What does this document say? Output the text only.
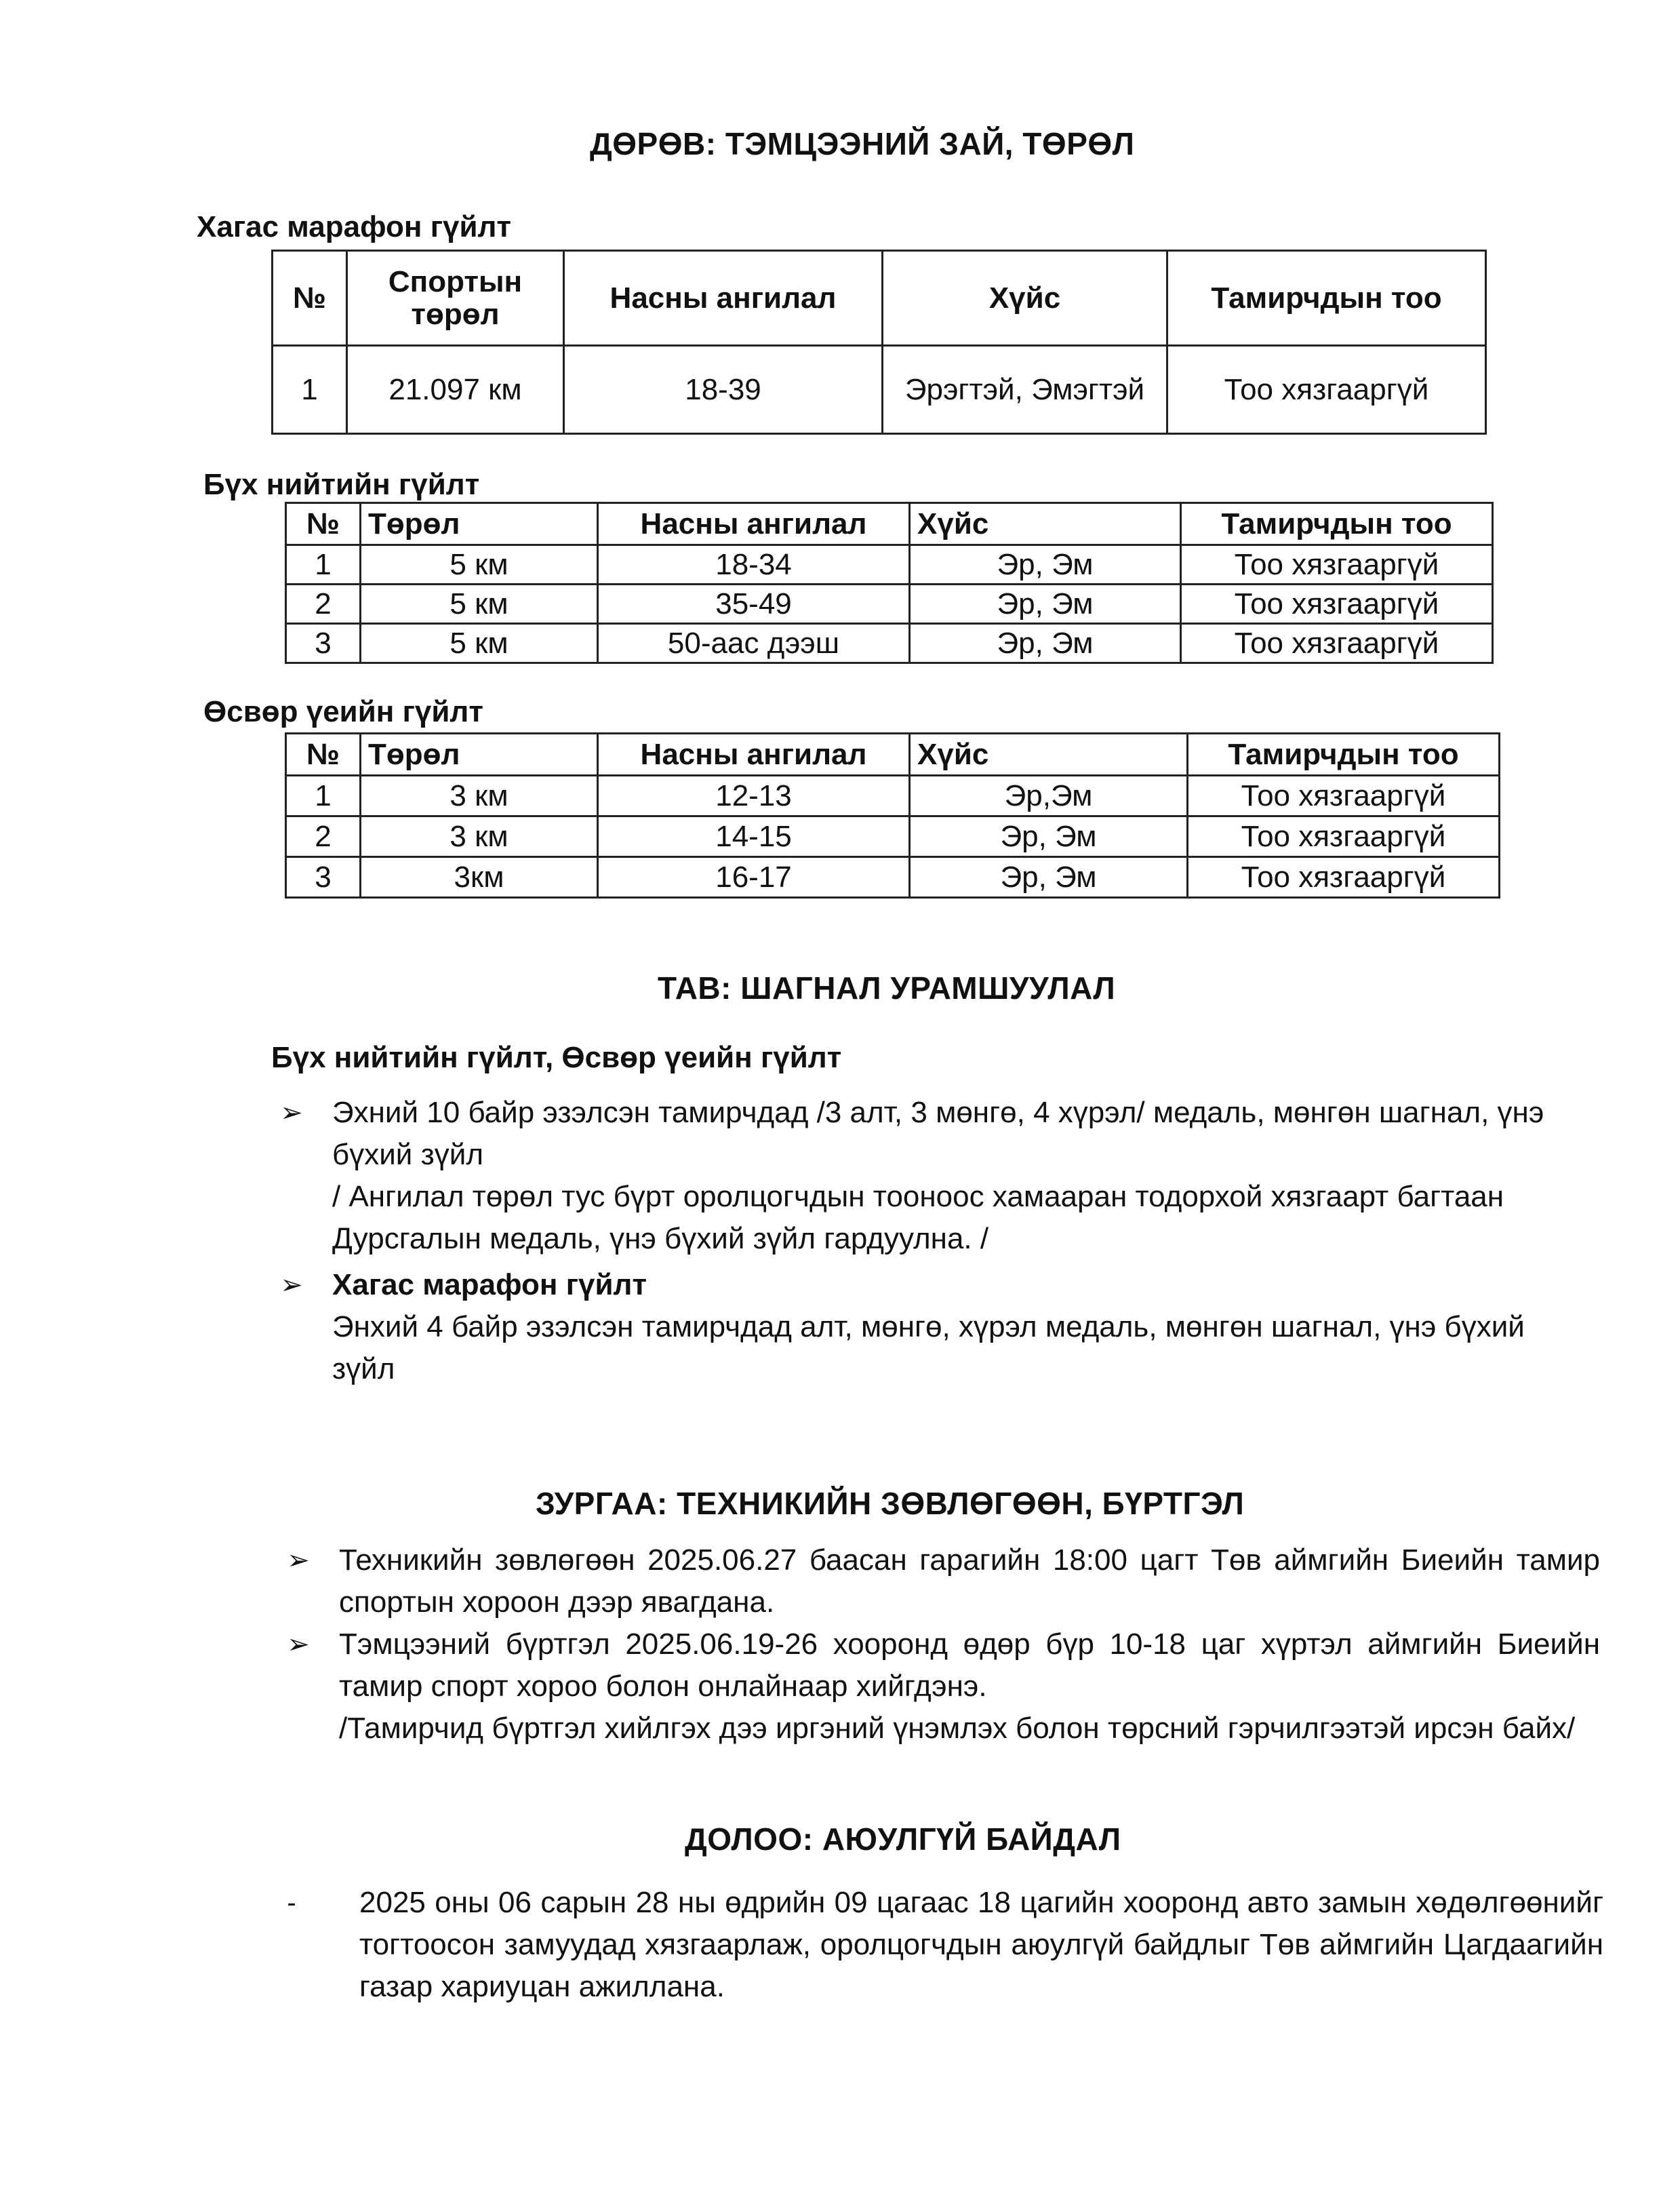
ДӨРӨВ: ТЭМЦЭЭНИЙ ЗАЙ, ТӨРӨЛ
Хагас марафон гүйлт
№	Спортын төрөл	Насны ангилал	Хүйс	Тамирчдын тоо
1	21.097 км	18-39	Эрэгтэй, Эмэгтэй	Тоо хязгааргүй
Бүх нийтийн гүйлт
№	Төрөл	Насны ангилал	Хүйс	Тамирчдын тоо
1	5 км	18-34	Эр, Эм	Тоо хязгааргүй
2	5 км	35-49	Эр, Эм	Тоо хязгааргүй
3	5 км	50-аас дээш	Эр, Эм	Тоо хязгааргүй
Өсвөр үеийн гүйлт
№	Төрөл	Насны ангилал	Хүйс	Тамирчдын тоо
1	3 км	12-13	Эр,Эм	Тоо хязгааргүй
2	3 км	14-15	Эр, Эм	Тоо хязгааргүй
3	3км	16-17	Эр, Эм	Тоо хязгааргүй
ТАВ: ШАГНАЛ УРАМШУУЛАЛ
Бүх нийтийн гүйлт, Өсвөр үеийн гүйлт
➢ Эхний 10 байр эзэлсэн тамирчдад /3 алт, 3 мөнгө, 4 хүрэл/ медаль, мөнгөн шагнал, үнэ бүхий зүйл

/ Ангилал төрөл тус бүрт оролцогчдын тооноос хамааран тодорхой хязгаарт багтаан Дурсгалын медаль, үнэ бүхий зүйл гардуулна. /

➢ Хагас марафон гүйлт

Энхий 4 байр эзэлсэн тамирчдад алт, мөнгө, хүрэл медаль, мөнгөн шагнал, үнэ бүхий зүйл

ЗУРГАА: ТЕХНИКИЙН ЗӨВЛӨГӨӨН, БҮРТГЭЛ
➢ Техникийн зөвлөгөөн 2025.06.27 баасан гарагийн 18:00 цагт Төв аймгийн Биеийн тамир спортын хороон дээр явагдана.

➢ Тэмцээний бүртгэл 2025.06.19-26 хооронд өдөр бүр 10-18 цаг хүртэл аймгийн Биеийн тамир спорт хороо болон онлайнаар хийгдэнэ.

/Тамирчид бүртгэл хийлгэх дээ иргэний үнэмлэх болон төрсний гэрчилгээтэй ирсэн байх/

ДОЛОО: АЮУЛГҮЙ БАЙДАЛ
-	2025 оны 06 сарын 28 ны өдрийн 09 цагаас 18 цагийн хооронд авто замын хөдөлгөөнийг тогтоосон замуудад хязгаарлаж, оролцогчдын аюулгүй байдлыг Төв аймгийн Цагдаагийн газар хариуцан ажиллана.
